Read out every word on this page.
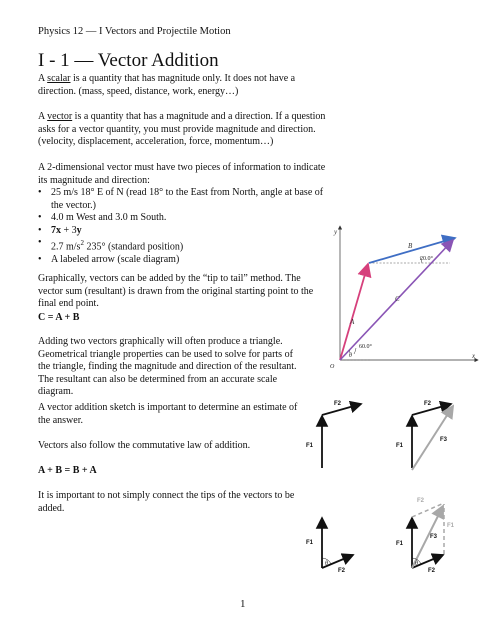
Physics 12 — I Vectors and Projectile Motion
I - 1 — Vector Addition
A scalar is a quantity that has magnitude only. It does not have a direction. (mass, speed, distance, work, energy…)
A vector is a quantity that has a magnitude and a direction. If a question asks for a vector quantity, you must provide magnitude and direction. (velocity, displacement, acceleration, force, momentum…)
A 2-dimensional vector must have two pieces of information to indicate its magnitude and direction:
• 25 m/s 18° E of N (read 18° to the East from North, angle at base of the vector.)
• 4.0 m West and 3.0 m South.
• 7x + 3y
• 2.7 $m/s^2$ 235° (standard position)
• A labeled arrow (scale diagram)
Graphically, vectors can be added by the “tip to tail” method. The vector sum (resultant) is drawn from the original starting point to the final end point.
C = A + B
Adding two vectors graphically will often produce a triangle. Geometrical triangle properties can be used to solve for parts of the triangle, finding the magnitude and direction of the resultant. The resultant can also be determined from an accurate scale diagram.
A vector addition sketch is important to determine an estimate of the answer.
Vectors also follow the commutative law of addition.
A + B = B + A
It is important to not simply connect the tips of the vectors to be added.
1
y
x
O
A
B
C
60.0°
20.0°
θ
F1
F2
F1
F2
F3
F1
F2
θ
F1
F2
F3
F2
F1
θ
